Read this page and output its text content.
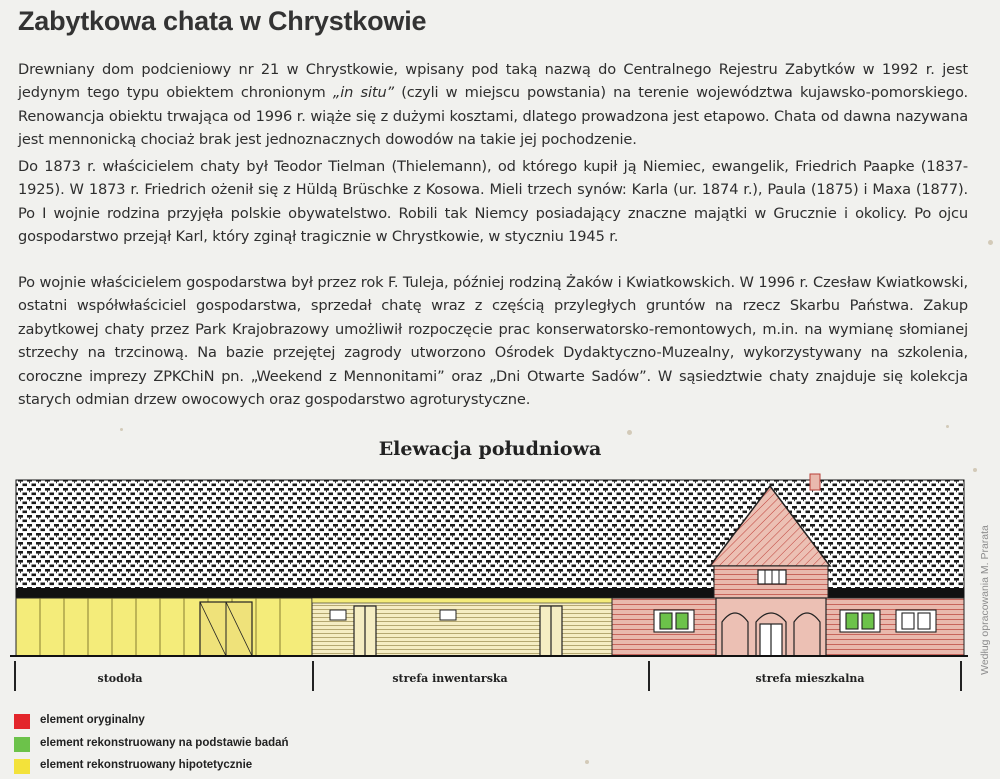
Zabytkowa chata w Chrystkowie

Drewniany dom podcieniowy nr 21 w Chrystkowie, wpisany pod taką nazwą do Centralnego Rejestru Zabytków w 1992 r. jest jedynym tego typu obiektem chronionym „in situ” (czyli w miejscu powstania) na terenie województwa kujawsko-pomorskiego. Renowancja obiektu trwająca od 1996 r. wiąże się z dużymi kosztami, dlatego prowadzona jest etapowo. Chata od dawna nazywana jest mennonicką chociaż brak jest jednoznacznych dowodów na takie jej pochodzenie.

Do 1873 r. właścicielem chaty był Teodor Tielman (Thielemann), od którego kupił ją Niemiec, ewangelik, Friedrich Paapke (1837-1925). W 1873 r. Friedrich ożenił się z Hüldą Brüschke z Kosowa. Mieli trzech synów: Karla (ur. 1874 r.), Paula (1875) i Maxa (1877). Po I wojnie rodzina przyjęła polskie obywatelstwo. Robili tak Niemcy posiadający znaczne majątki w Grucznie i okolicy. Po ojcu gospodarstwo przejął Karl, który zginął tragicznie w Chrystkowie, w styczniu 1945 r.

Po wojnie właścicielem gospodarstwa był przez rok F. Tuleja, później rodziną Żaków i Kwiatkowskich. W 1996 r. Czesław Kwiatkowski, ostatni współwłaściciel gospodarstwa, sprzedał chatę wraz z częścią przyległych gruntów na rzecz Skarbu Państwa. Zakup zabytkowej chaty przez Park Krajobrazowy umożliwił rozpoczęcie prac konserwatorsko-remontowych, m.in. na wymianę słomianej strzechy na trzcinową. Na bazie przejętej zagrody utworzono Ośrodek Dydaktyczno-Muzealny, wykorzystywany na szkolenia, coroczne imprezy ZPKChiN pn. „Weekend z Mennonitami” oraz „Dni Otwarte Sadów”. W sąsiedztwie chaty znajduje się kolekcja starych odmian drzew owocowych oraz gospodarstwo agroturystyczne.

Elewacja południowa
Według opracowania M. Prarata
stodoła	strefa inwentarska	strefa mieszkalna
element oryginalny
element rekonstruowany na podstawie badań
element rekonstruowany hipotetycznie
